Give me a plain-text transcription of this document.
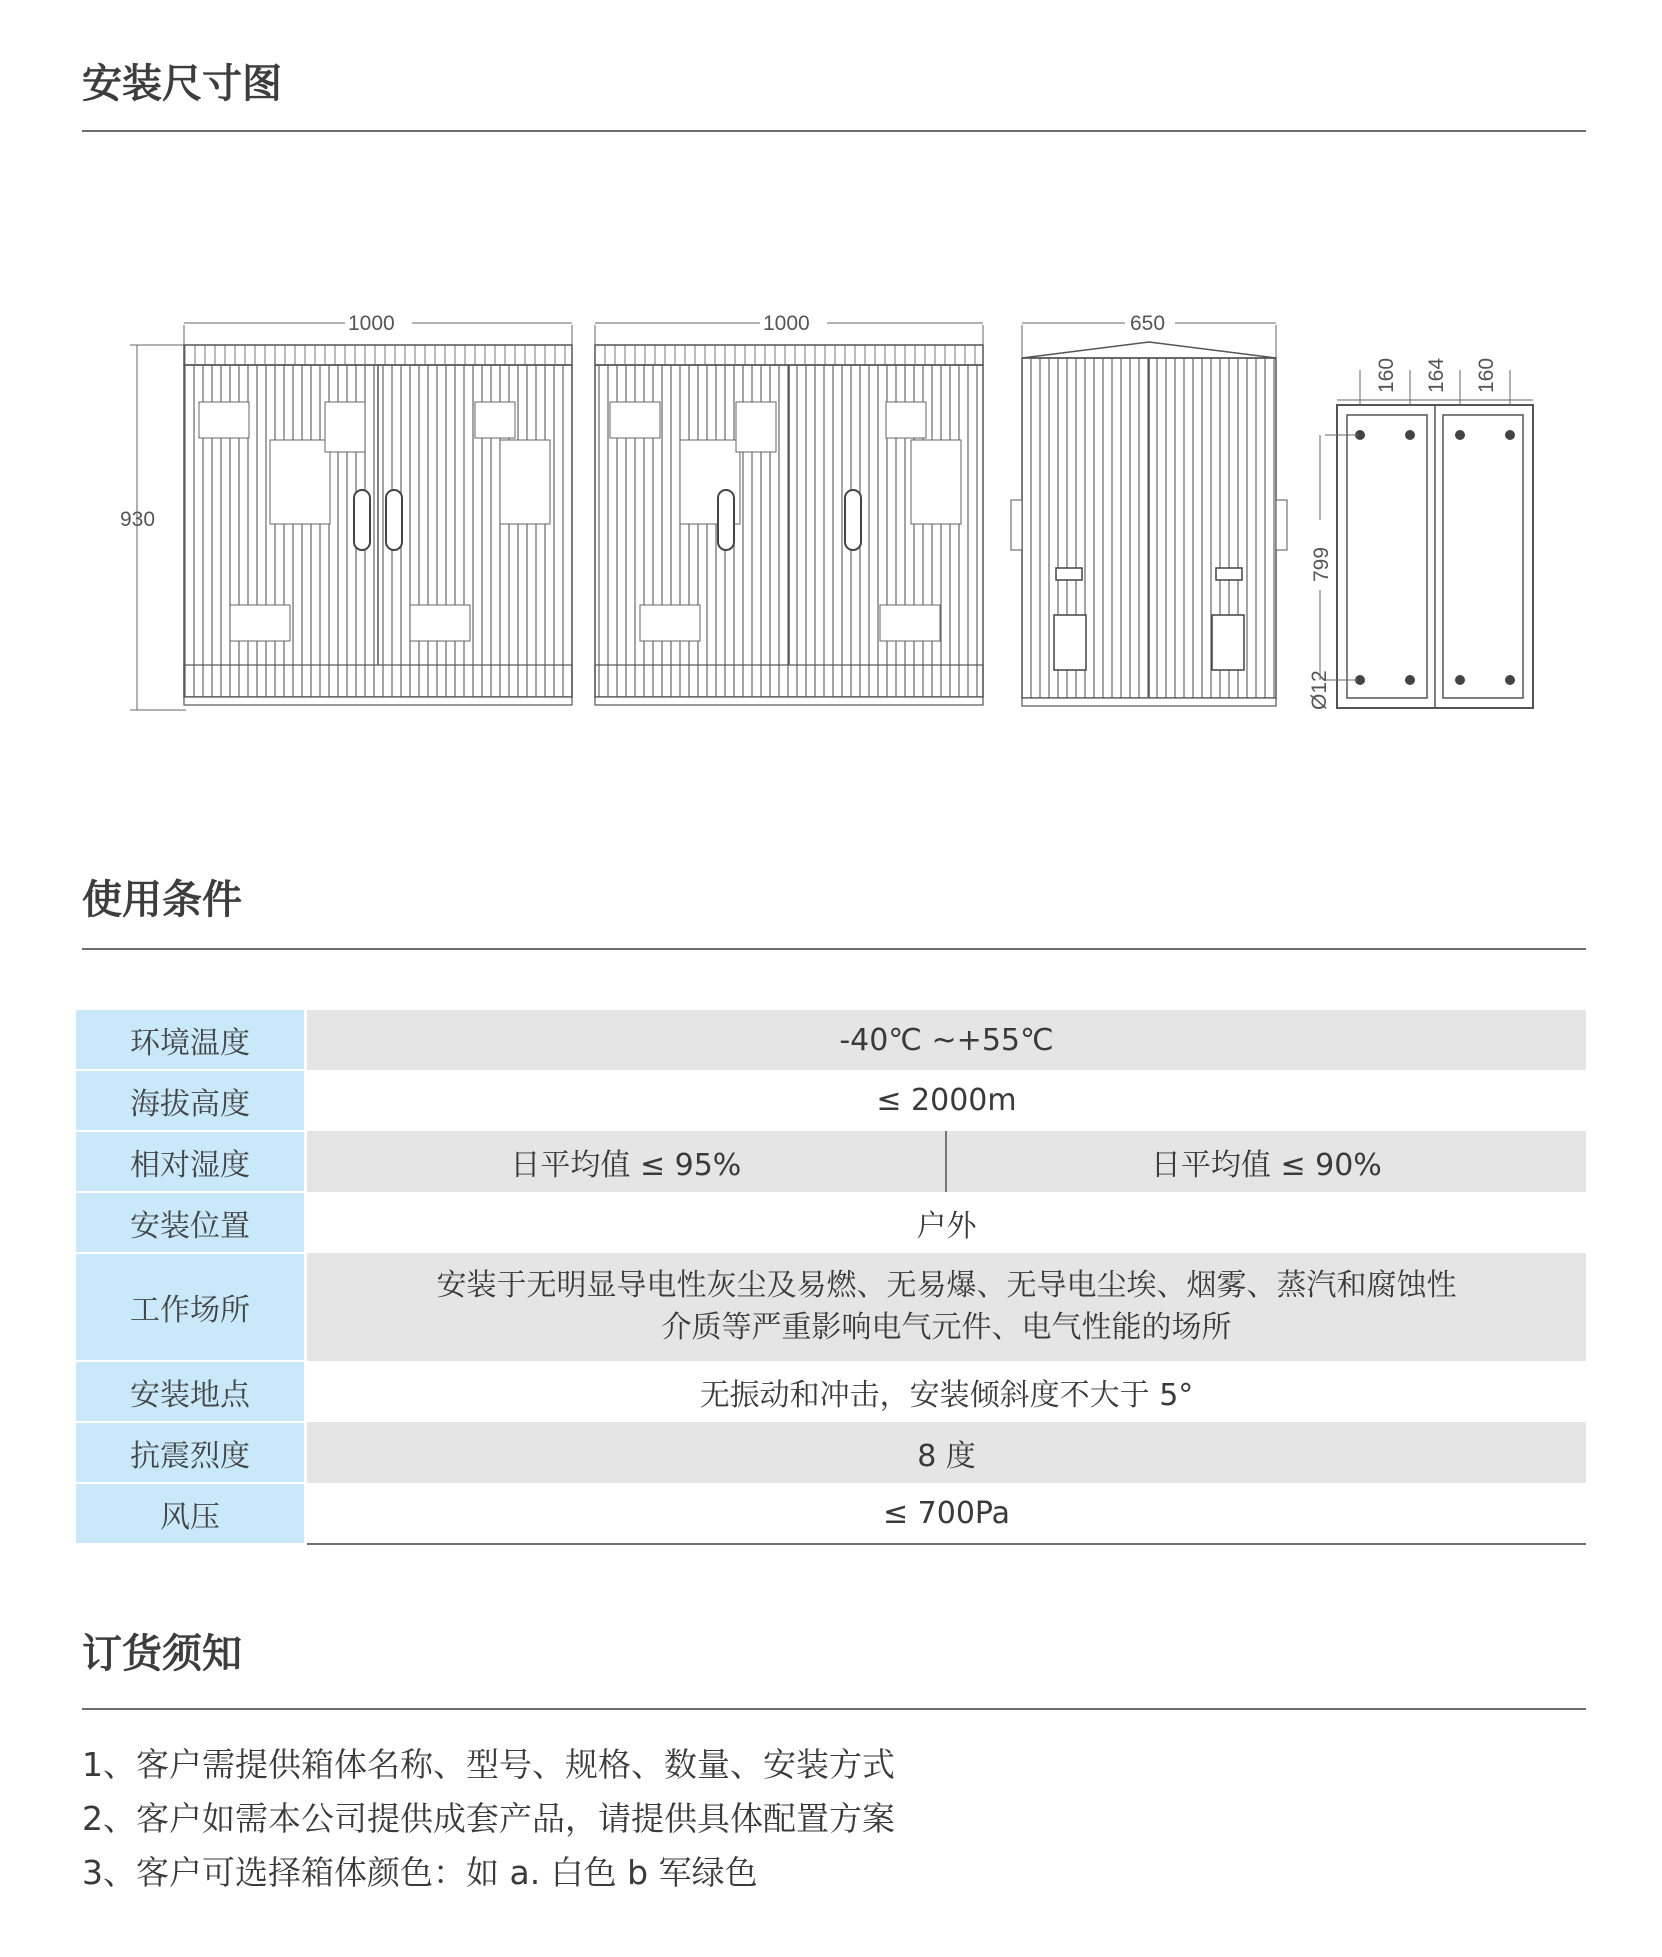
安装尺寸图
930
1000	1000	650
160 164 160
799
Ø12
使用条件
环境温度	-40℃ ~+55℃	
海拔高度	≤ 2000m	
相对湿度	日平均值 ≤ 95%	日平均值 ≤ 90%
安装位置	户外	
工作场所	安装于无明显导电性灰尘及易燃、无易爆、无导电尘埃、烟雾、蒸汽和腐蚀性
介质等严重影响电气元件、电气性能的场所	

安装地点	无振动和冲击，安装倾斜度不大于 5°	
抗震烈度	8 度	
风压	≤ 700Pa	
订货须知
1、客户需提供箱体名称、型号、规格、数量、安装方式
2、客户如需本公司提供成套产品，请提供具体配置方案
3、客户可选择箱体颜色：如 a. 白色 b 军绿色
